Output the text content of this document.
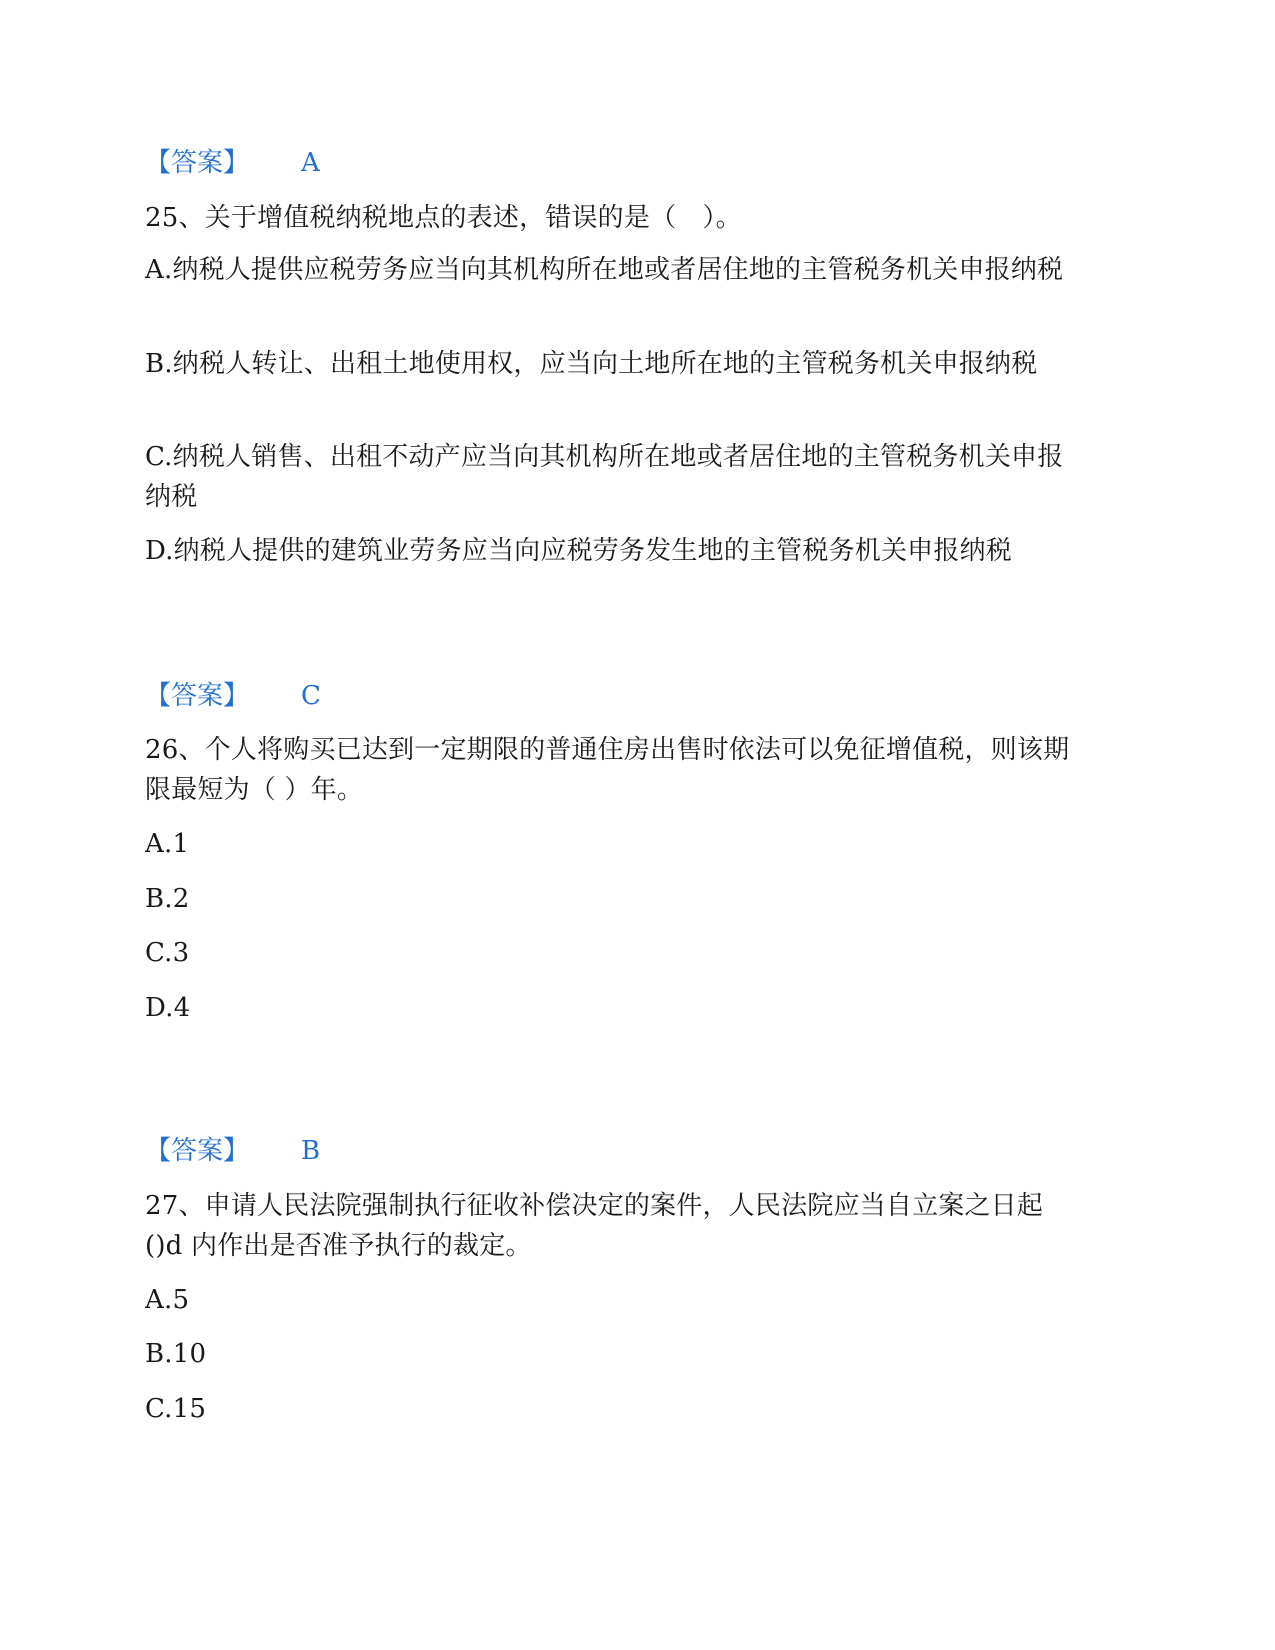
【答案】 A
25、关于增值税纳税地点的表述，错误的是（　）。
A.纳税人提供应税劳务应当向其机构所在地或者居住地的主管税务机关申报纳税
B.纳税人转让、出租土地使用权，应当向土地所在地的主管税务机关申报纳税
C.纳税人销售、出租不动产应当向其机构所在地或者居住地的主管税务机关申报纳税
D.纳税人提供的建筑业劳务应当向应税劳务发生地的主管税务机关申报纳税
【答案】 C
26、个人将购买已达到一定期限的普通住房出售时依法可以免征增值税，则该期限最短为（ ）年。
A.1
B.2
C.3
D.4
【答案】 B
27、申请人民法院强制执行征收补偿决定的案件，人民法院应当自立案之日起()d 内作出是否准予执行的裁定。
A.5
B.10
C.15
